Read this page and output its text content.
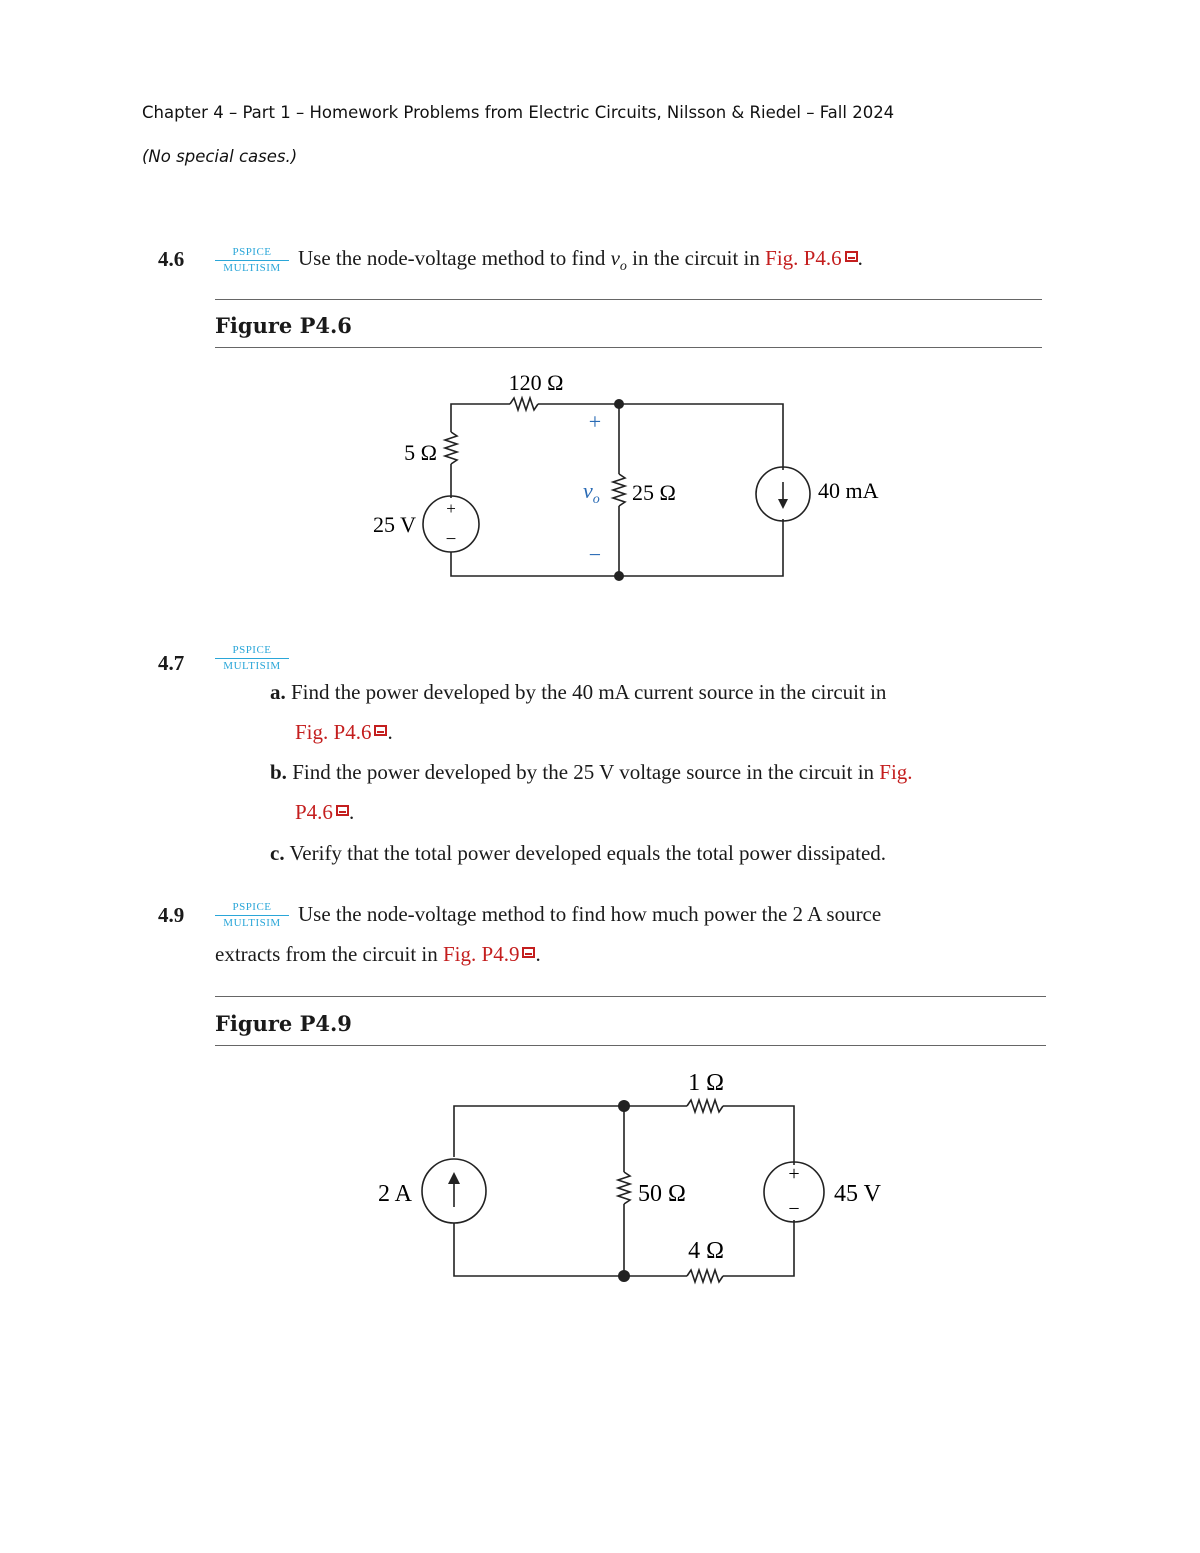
Chapter 4 – Part 1 – Homework Problems from Electric Circuits, Nilsson & Riedel – Fall 2024
(No special cases.)
4.6	PSPICE
MULTISIM Use the node-voltage method to find $v_o$ in the circuit in Fig. P4.6 .
Figure P4.6
120 Ω
5 Ω
25 V
+
−
+
−
$v_o$ 25 Ω	40 mA
4.7
PSPICE
MULTISIM
a. Find the power developed by the 40 mA current source in the circuit in
Fig. P4.6 .
b. Find the power developed by the 25 V voltage source in the circuit in Fig.
P4.6 .
c. Verify that the total power developed equals the total power dissipated.
4.9	PSPICE
MULTISIM Use the node-voltage method to find how much power the 2 A source
extracts from the circuit in Fig. P4.9 .
Figure P4.9
1 Ω
2 A	50 Ω
4 Ω
45 V
+
−
